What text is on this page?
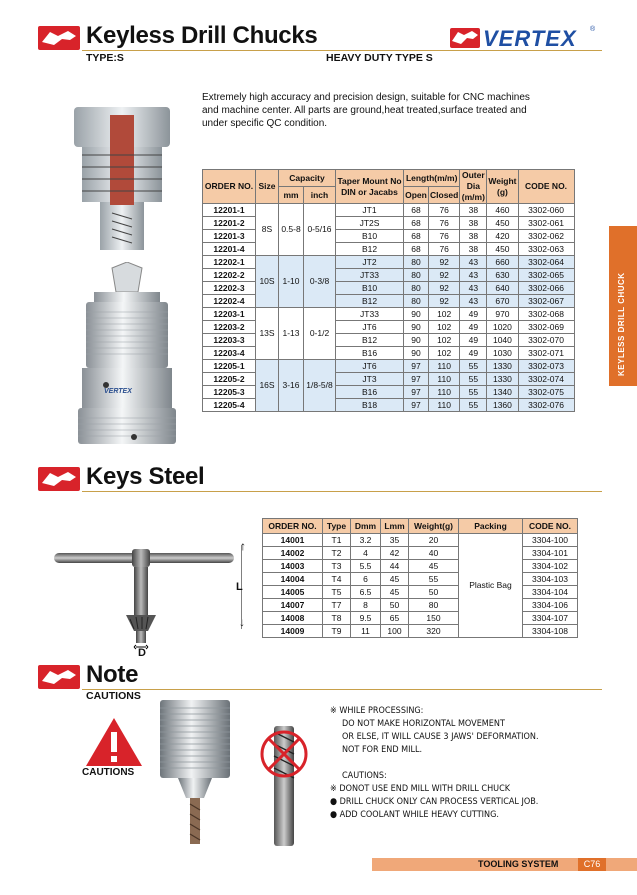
Keyless Drill Chucks
TYPE:S	HEAVY DUTY TYPE S
VERTEX ®
Extremely high accuracy and precision design, suitable for CNC machines
and machine center. All parts are ground,heat treated,surface treated and
under specific QC condition.
VERTEX
ORDER NO.	Size	Capacity		Taper Mount No DIN or Jacabs	Length(m/m)		Outer Dia (m/m)	Weight (g)	CODE NO.
		mm	inch		Open	Closed			
12201-1	8S	0.5-8	0-5/16	JT1	68	76	38	460	3302-060
12201-2				JT2S	68	76	38	450	3302-061
12201-3				B10	68	76	38	420	3302-062
12201-4				B12	68	76	38	450	3302-063
12202-1	10S	1-10	0-3/8	JT2	80	92	43	660	3302-064
12202-2				JT33	80	92	43	630	3302-065
12202-3				B10	80	92	43	640	3302-066
12202-4				B12	80	92	43	670	3302-067
12203-1	13S	1-13	0-1/2	JT33	90	102	49	970	3302-068
12203-2				JT6	90	102	49	1020	3302-069
12203-3				B12	90	102	49	1040	3302-070
12203-4				B16	90	102	49	1030	3302-071
12205-1	16S	3-16	1/8-5/8	JT6	97	110	55	1330	3302-073
12205-2				JT3	97	110	55	1330	3302-074
12205-3				B16	97	110	55	1340	3302-075
12205-4				B18	97	110	55	1360	3302-076
KEYLESS DRILL CHUCK
Keys Steel
↑
↓
L
D
ORDER NO.	Type	Dmm	Lmm	Weight(g)	Packing	CODE NO.
14001	T1	3.2	35	20	Plastic Bag	3304-100
14002	T2	4	42	40		3304-101
14003	T3	5.5	44	45		3304-102
14004	T4	6	45	55		3304-103
14005	T5	6.5	45	50		3304-104
14007	T7	8	50	80		3304-106
14008	T8	9.5	65	150		3304-107
14009	T9	11	100	320		3304-108
Note
CAUTIONS
CAUTIONS
※ WHILE PROCESSING:
DO NOT MAKE HORIZONTAL MOVEMENT
OR ELSE, IT WILL CAUSE 3 JAWS' DEFORMATION.
NOT FOR END MILL.
CAUTIONS:
※ DONOT USE END MILL WITH DRILL CHUCK
● DRILL CHUCK ONLY CAN PROCESS VERTICAL JOB.
● ADD COOLANT WHILE HEAVY CUTTING.
TOOLING SYSTEM	C76
